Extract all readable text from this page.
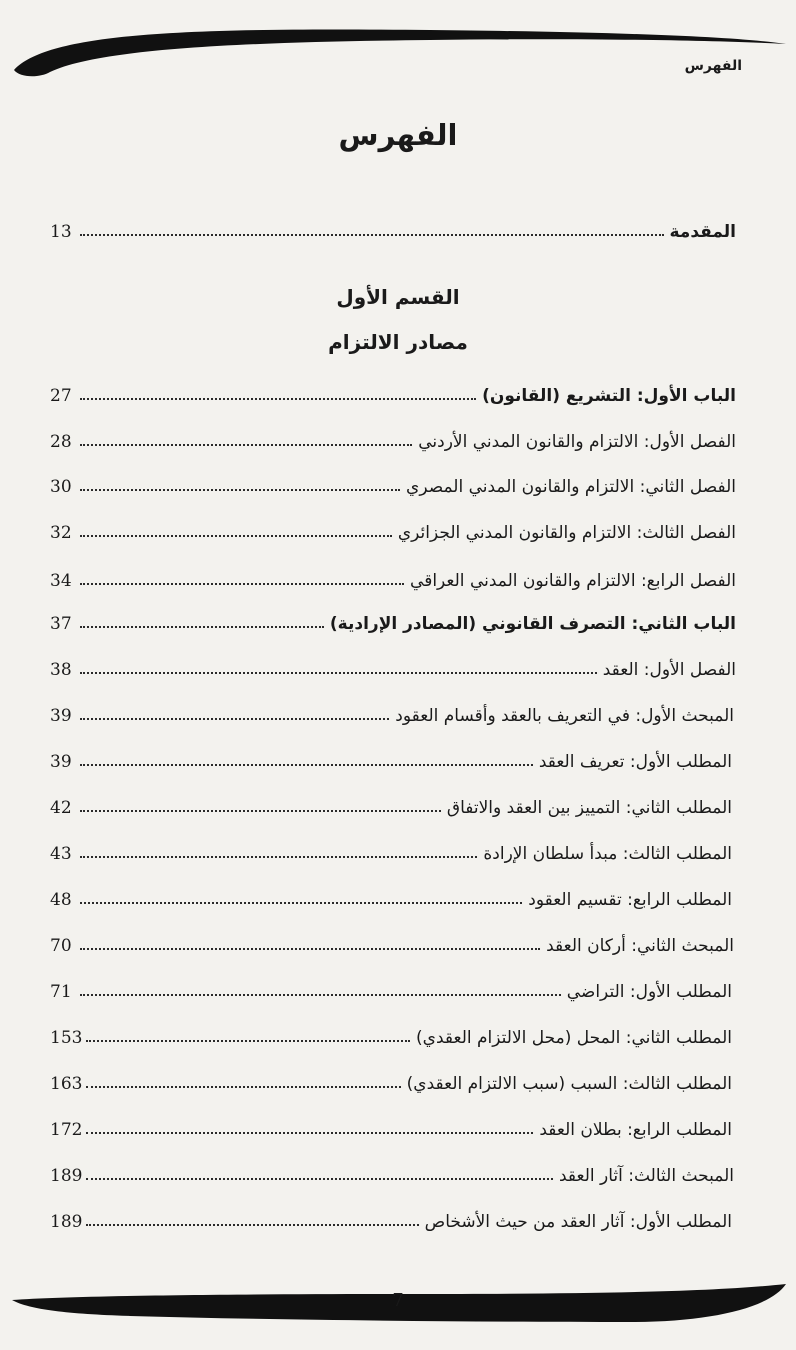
الفهرس
الفهرس
المقدمة
13
القسم الأول
مصادر الالتزام
الباب الأول: التشريع (القانون)
27
الفصل الأول: الالتزام والقانون المدني الأردني
28
الفصل الثاني: الالتزام والقانون المدني المصري
30
الفصل الثالث: الالتزام والقانون المدني الجزائري
32
الفصل الرابع: الالتزام والقانون المدني العراقي
34
الباب الثاني: التصرف القانوني (المصادر الإرادية)
37
الفصل الأول: العقد
38
المبحث الأول: في التعريف بالعقد وأقسام العقود
39
المطلب الأول: تعريف العقد
39
المطلب الثاني: التمييز بين العقد والاتفاق
42
المطلب الثالث: مبدأ سلطان الإرادة
43
المطلب الرابع: تقسيم العقود
48
المبحث الثاني: أركان العقد
70
المطلب الأول: التراضي
71
المطلب الثاني: المحل (محل الالتزام العقدي)
153
المطلب الثالث: السبب (سبب الالتزام العقدي)
163
المطلب الرابع: بطلان العقد
172
المبحث الثالث: آثار العقد
189
المطلب الأول: آثار العقد من حيث الأشخاص
189
7
